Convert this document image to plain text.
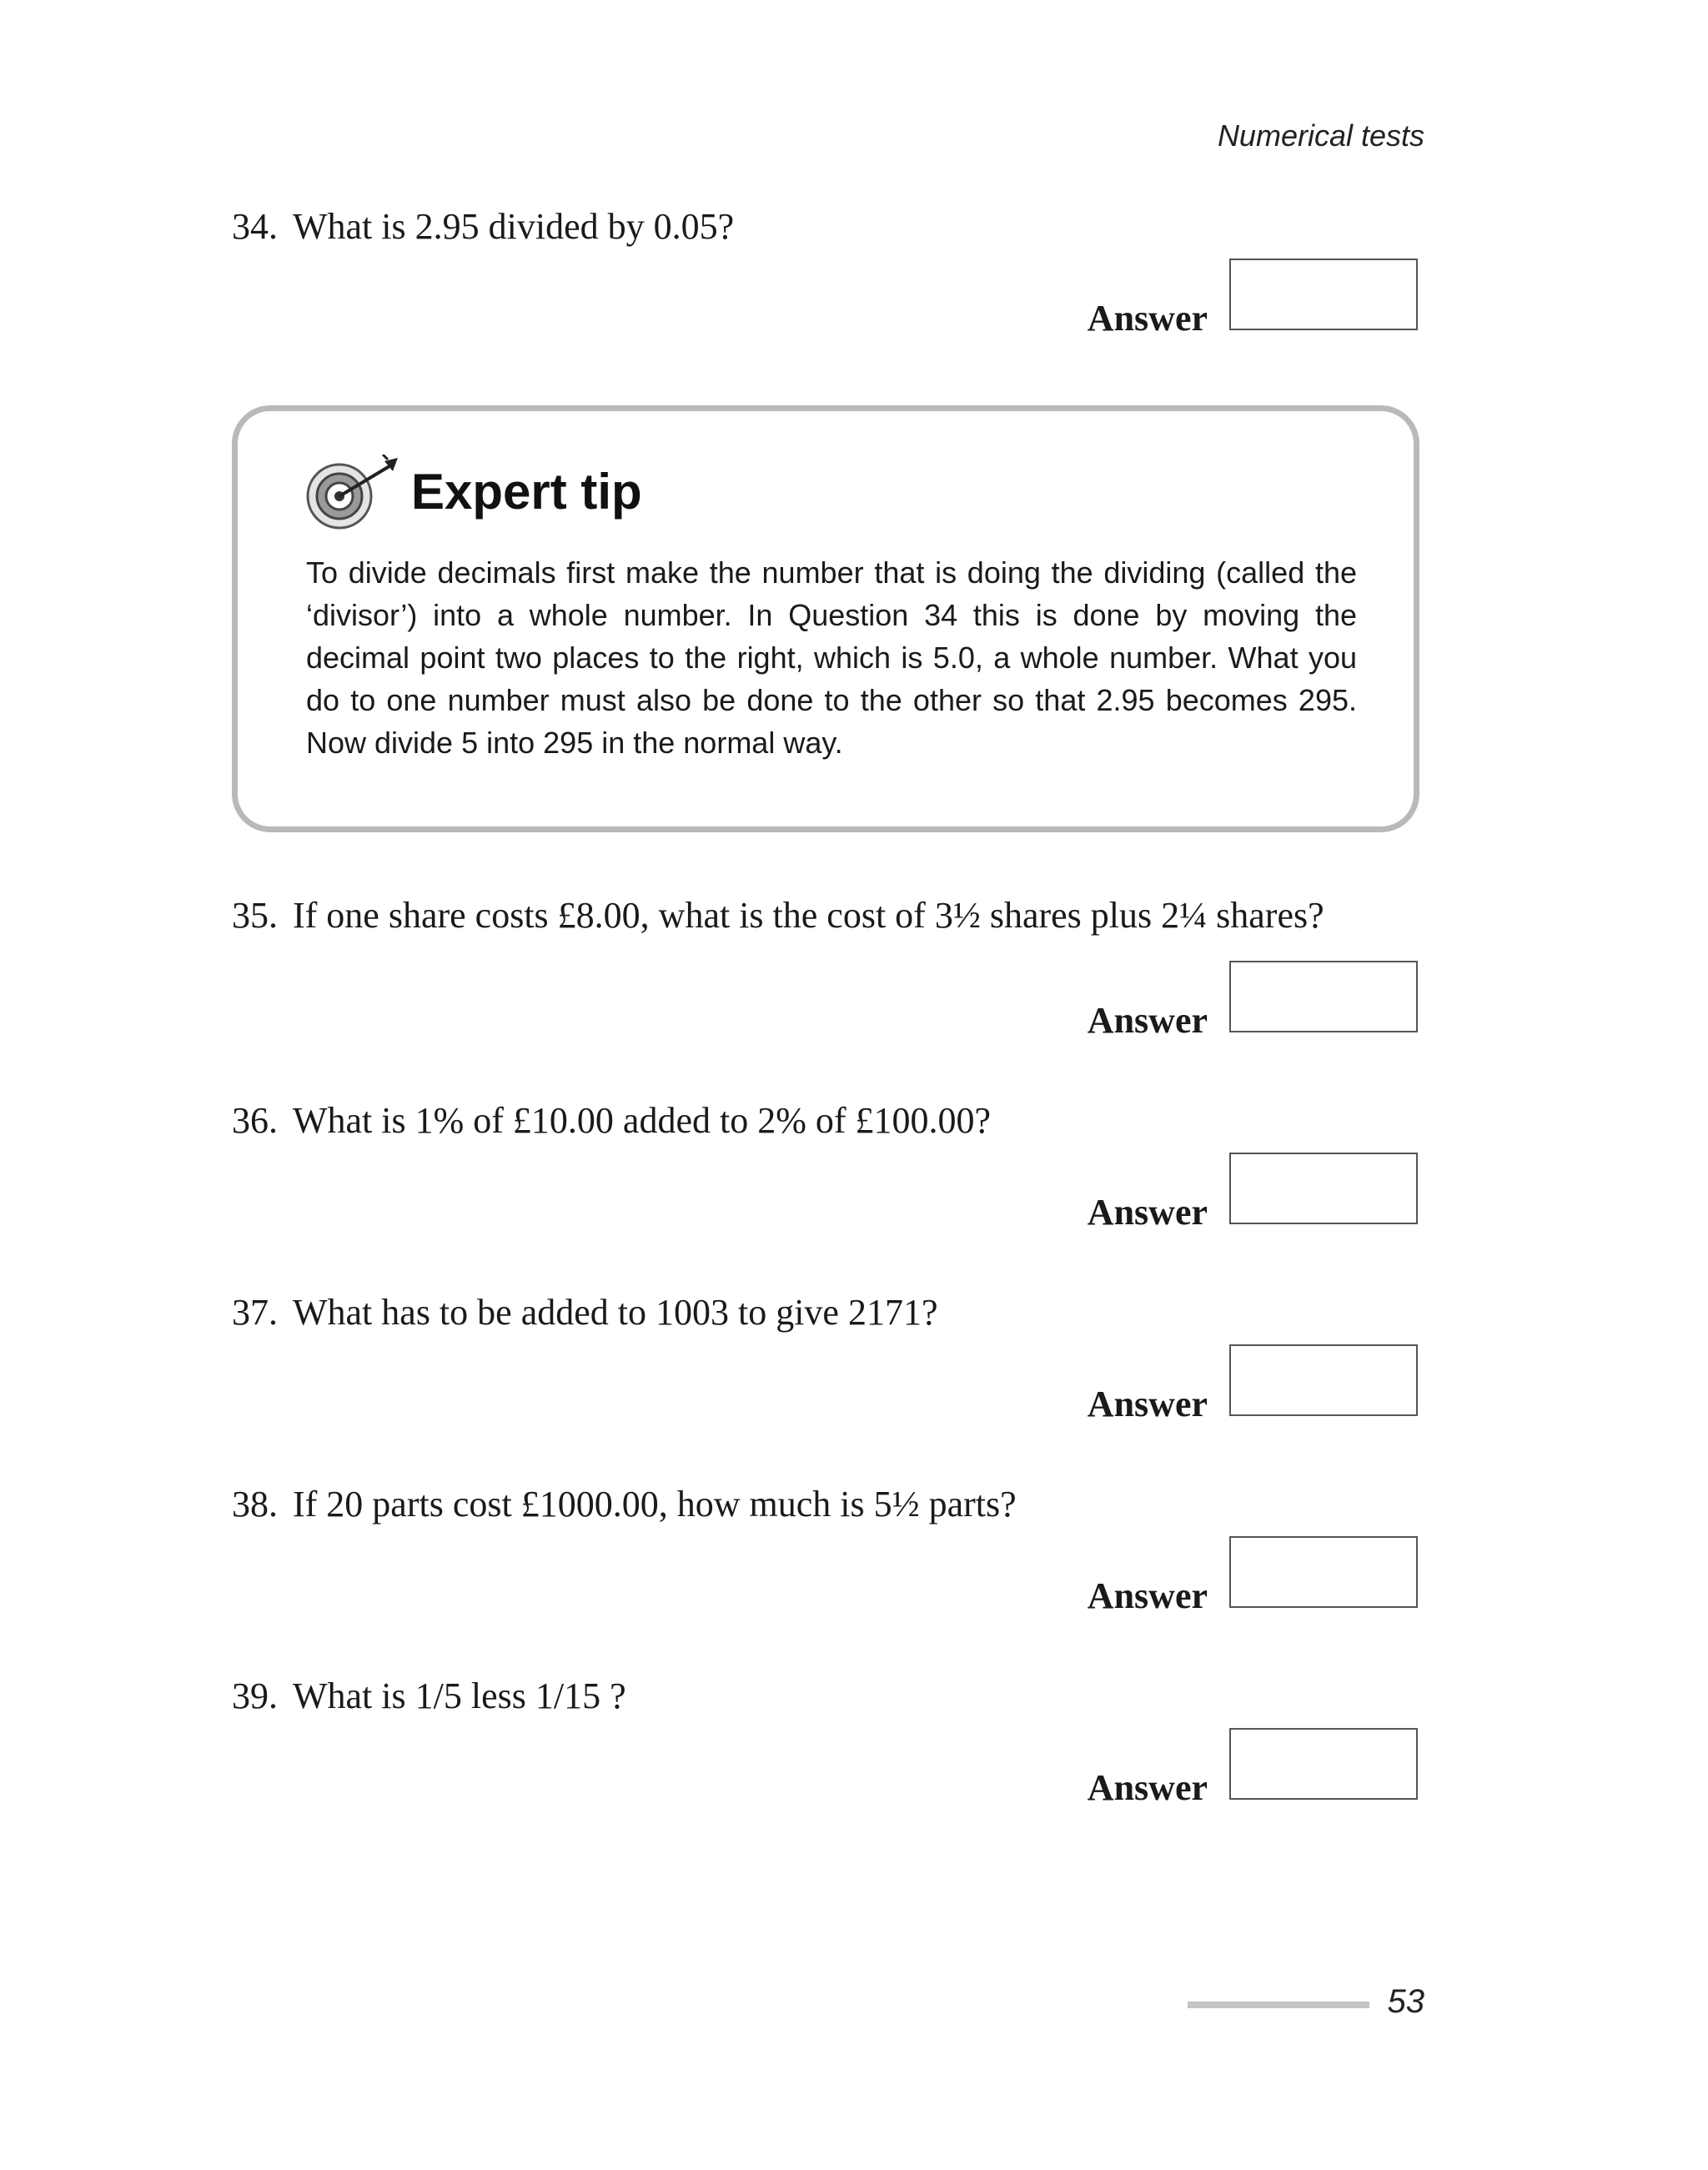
Numerical tests
34. What is 2.95 divided by 0.05?
Answer
Expert tip
To divide decimals first make the number that is doing the dividing (called the ‘divisor’) into a whole number. In Question 34 this is done by moving the decimal point two places to the right, which is 5.0, a whole number. What you do to one number must also be done to the other so that 2.95 becomes 295. Now divide 5 into 295 in the normal way.
35. If one share costs £8.00, what is the cost of 3½ shares plus 2¼ shares?
Answer
36. What is 1% of £10.00 added to 2% of £100.00?
Answer
37. What has to be added to 1003 to give 2171?
Answer
38. If 20 parts cost £1000.00, how much is 5½ parts?
Answer
39. What is 1/5 less 1/15 ?
Answer
53
